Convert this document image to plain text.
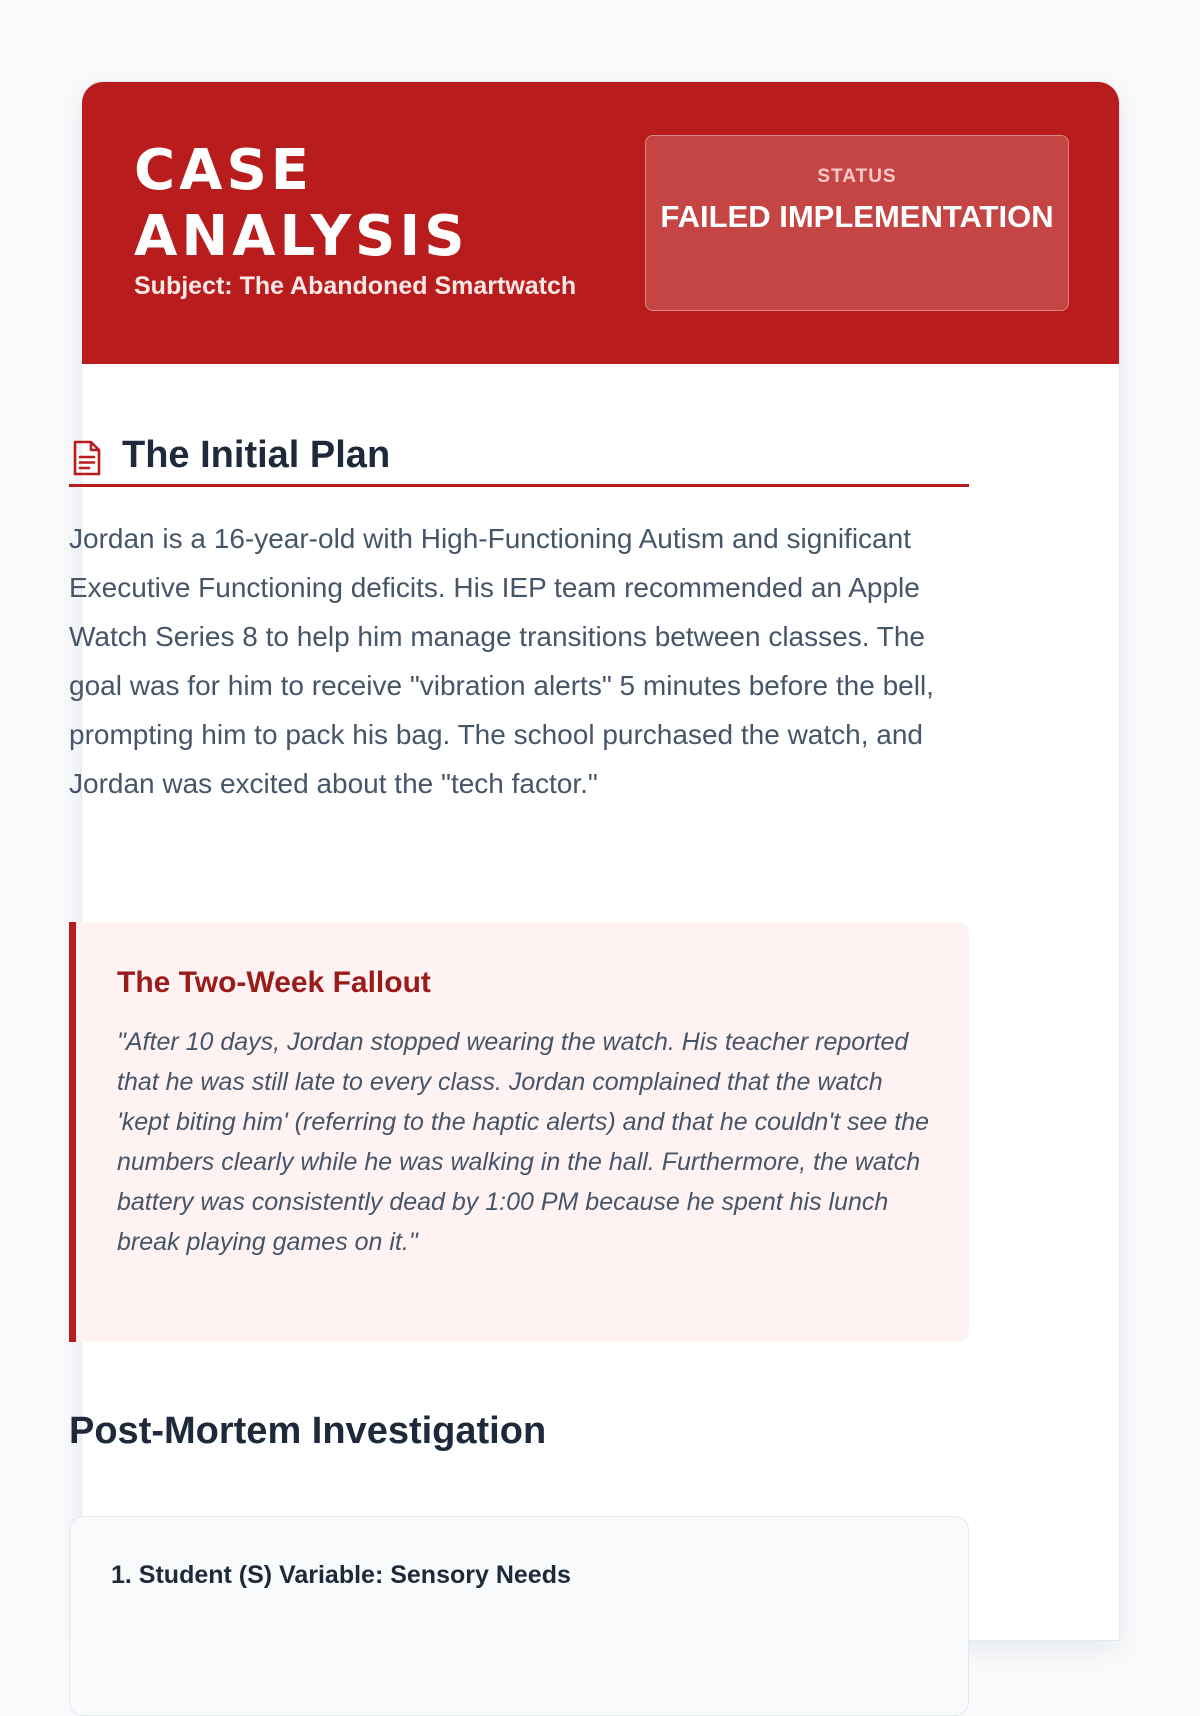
CASE ANALYSIS
Subject: The Abandoned Smartwatch
STATUS
FAILED IMPLEMENTATION
The Initial Plan

Jordan is a 16-year-old with High-Functioning Autism and significant Executive Functioning deficits. His IEP team recommended an Apple Watch Series 8 to help him manage transitions between classes. The goal was for him to receive "vibration alerts" 5 minutes before the bell, prompting him to pack his bag. The school purchased the watch, and Jordan was excited about the "tech factor."

The Two-Week Fallout

"After 10 days, Jordan stopped wearing the watch. His teacher reported that he was still late to every class. Jordan complained that the watch 'kept biting him' (referring to the haptic alerts) and that he couldn't see the numbers clearly while he was walking in the hall. Furthermore, the watch battery was consistently dead by 1:00 PM because he spent his lunch break playing games on it."

Post-Mortem Investigation
1. Student (S) Variable: Sensory Needs
